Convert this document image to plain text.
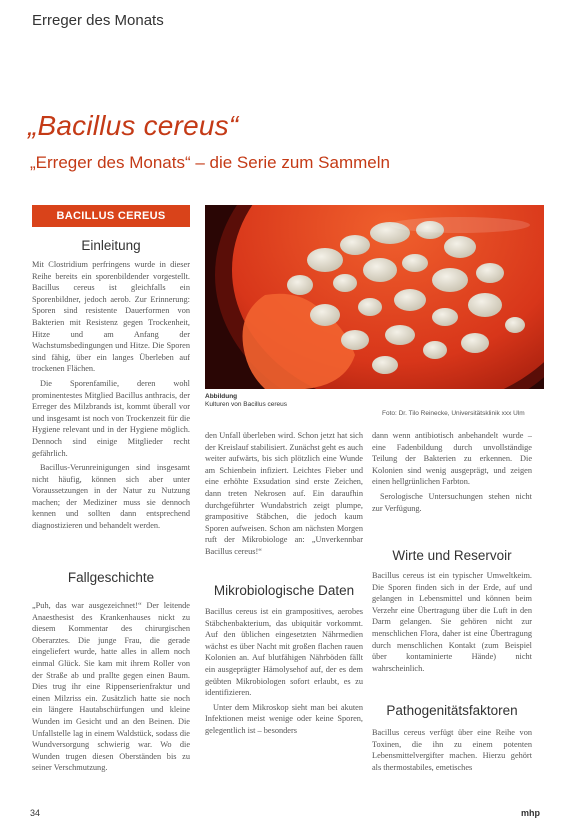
Erreger des Monats
„Bacillus cereus“
„Erreger des Monats“ – die Serie zum Sammeln
BACILLUS CEREUS
Einleitung

Mit Clostridium perfringens wurde in dieser Reihe bereits ein sporenbildender vorgestellt. Bacillus cereus ist gleichfalls ein Sporenbildner, jedoch aerob. Zur Erinnerung: Sporen sind resistente Dauerformen von Bakterien mit Resistenz gegen Trockenheit, Hitze und am Anfang der Wachstumsbedingungen und Hitze. Die Sporen sind fähig, über ein langes Überleben auf trockenen Flächen.

Die Sporenfamilie, deren wohl prominentestes Mitglied Bacillus anthracis, der Erreger des Milzbrands ist, kommt überall vor und insgesamt ist noch von Trockenzeit für die Hygiene relevant und in der Hygiene möglich. Dennoch sind einige Mitglieder recht gefährlich.

Bacillus-Verunreinigungen sind insgesamt nicht häufig, können sich aber unter Voraussetzungen in der Natur zu Nutzung machen; der Mediziner muss sie dennoch kennen und sollten dann entsprechend diagnostizieren und behandelt werden.

Fallgeschichte

„Puh, das war ausgezeichnet!“ Der leitende Anaesthesist des Krankenhauses nickt zu diesem Kommentar des chirurgischen Oberarztes. Die junge Frau, die gerade eingeliefert wurde, hatte alles in allem noch einmal Glück. Sie kam mit ihrem Roller von der Straße ab und prallte gegen einen Baum. Dies trug ihr eine Rippenserienfraktur und einen Milzriss ein. Zusätzlich hatte sie noch ein längere Hautabschürfungen und kleine Wunden im Gesicht und an den Beinen. Die Unfallstelle lag in einem Waldstück, sodass die Wundversorgung schwierig war. Wo die Wunden trugen diesen Oberständen bis zu seiner Verschmutzung.

Abbildung
Kulturen von Bacillus cereus
Foto: Dr. Tilo Reinecke, Universitätsklinik xxx Ulm

den Unfall überleben wird. Schon jetzt hat sich der Kreislauf stabilisiert. Zunächst geht es auch weiter aufwärts, bis sich plötzlich eine Wunde am Schienbein infiziert. Leichtes Fieber und eine erhöhte Exsudation sind erste Zeichen, dann treten Nekrosen auf. Ein daraufhin durchgeführter Wundabstrich zeigt plumpe, grampositive Stäbchen, die jedoch kaum Sporen aufweisen. Schon am nächsten Morgen ruft der Mikrobiologe an: „Unverkennbar Bacillus cereus!“

Mikrobiologische Daten

Bacillus cereus ist ein grampositives, aerobes Stäbchenbakterium, das ubiquitär vorkommt. Auf den üblichen eingesetzten Nährmedien wächst es über Nacht mit großen flachen rauen Kolonien an. Auf blutfähigen Nährböden fällt ein ausgeprägter Hämolysehof auf, der es dem geübten Mikrobiologen sofort erlaubt, es zu identifizieren.

Unter dem Mikroskop sieht man bei akuten Infektionen meist wenige oder keine Sporen, gelegentlich ist – besonders

dann wenn antibiotisch anbehandelt wurde – eine Fadenbildung durch unvollständige Teilung der Bakterien zu erkennen. Die Kolonien sind wenig ausgeprägt, und zeigen einen hellgrünlichen Farbton.

Serologische Untersuchungen stehen nicht zur Verfügung.

Wirte und Reservoir

Bacillus cereus ist ein typischer Umweltkeim. Die Sporen finden sich in der Erde, auf und gelangen in Lebensmittel und können beim Verzehr eine Übertragung über die Luft in den Darm gelangen. Sie gehören nicht zur menschlichen Flora, daher ist eine Übertragung durch menschlichen Kontakt (zum Beispiel über kontaminierte Hände) nicht wahrscheinlich.

Pathogenitätsfaktoren

Bacillus cereus verfügt über eine Reihe von Toxinen, die ihn zu einem potenten Lebensmittelvergifter machen. Hierzu gehört als thermostabiles, emetisches

34	mhp
